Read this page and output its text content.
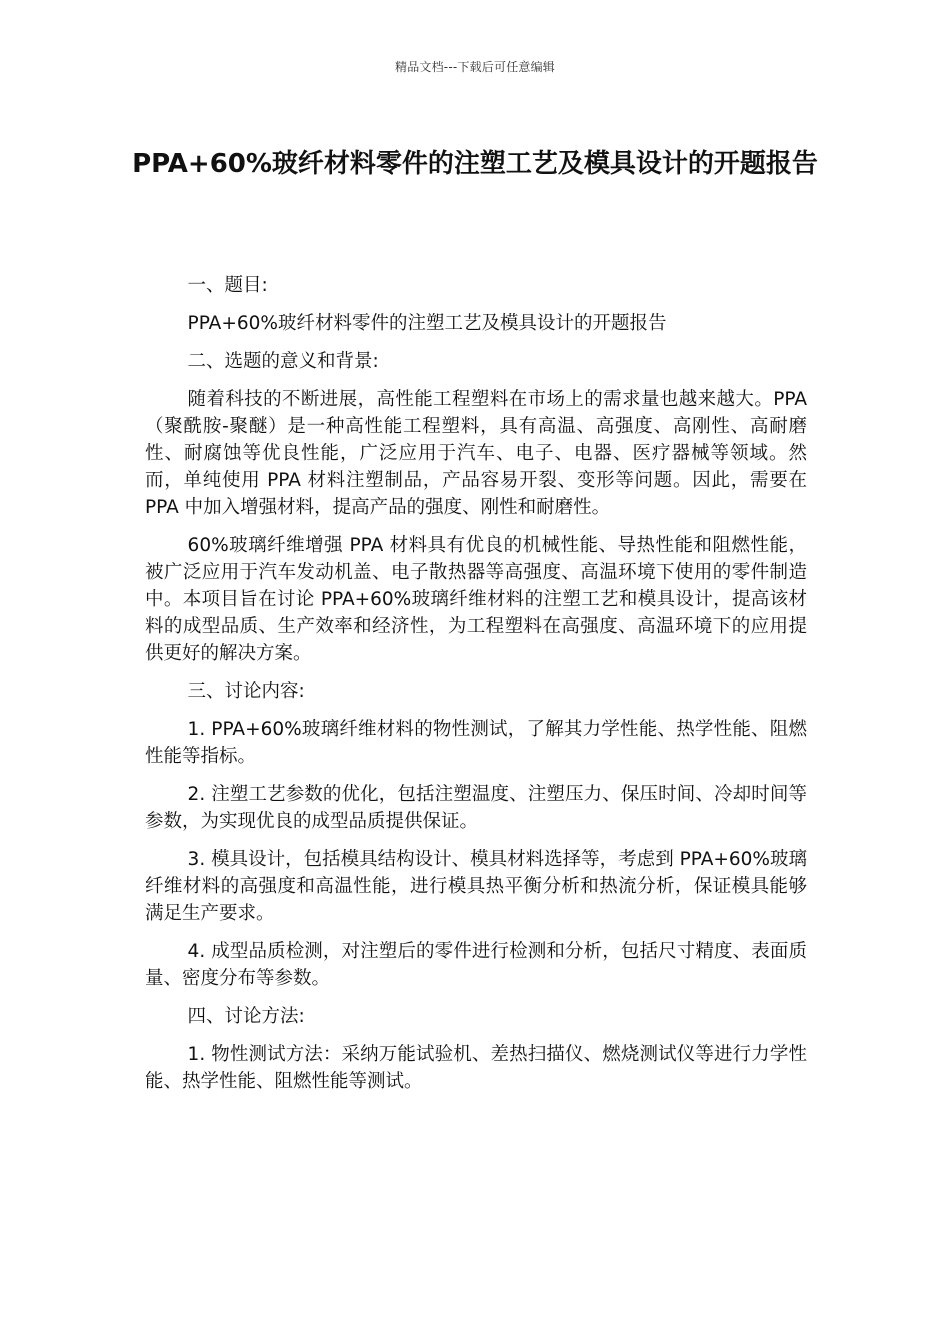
精品文档---下载后可任意编辑
PPA+60%玻纤材料零件的注塑工艺及模具设计的开题报告

一、题目:

PPA+60%玻纤材料零件的注塑工艺及模具设计的开题报告

二、选题的意义和背景:

随着科技的不断进展，高性能工程塑料在市场上的需求量也越来越大。PPA（聚酰胺-聚醚）是一种高性能工程塑料，具有高温、高强度、高刚性、高耐磨性、耐腐蚀等优良性能，广泛应用于汽车、电子、电器、医疗器械等领域。然而，单纯使用 PPA 材料注塑制品，产品容易开裂、变形等问题。因此，需要在 PPA 中加入增强材料，提高产品的强度、刚性和耐磨性。

60%玻璃纤维增强 PPA 材料具有优良的机械性能、导热性能和阻燃性能，被广泛应用于汽车发动机盖、电子散热器等高强度、高温环境下使用的零件制造中。本项目旨在讨论 PPA+60%玻璃纤维材料的注塑工艺和模具设计，提高该材料的成型品质、生产效率和经济性，为工程塑料在高强度、高温环境下的应用提供更好的解决方案。

三、讨论内容:

1. PPA+60%玻璃纤维材料的物性测试，了解其力学性能、热学性能、阻燃性能等指标。

2. 注塑工艺参数的优化，包括注塑温度、注塑压力、保压时间、冷却时间等参数，为实现优良的成型品质提供保证。

3. 模具设计，包括模具结构设计、模具材料选择等，考虑到 PPA+60%玻璃纤维材料的高强度和高温性能，进行模具热平衡分析和热流分析，保证模具能够满足生产要求。

4. 成型品质检测，对注塑后的零件进行检测和分析，包括尺寸精度、表面质量、密度分布等参数。

四、讨论方法:

1. 物性测试方法：采纳万能试验机、差热扫描仪、燃烧测试仪等进行力学性能、热学性能、阻燃性能等测试。
